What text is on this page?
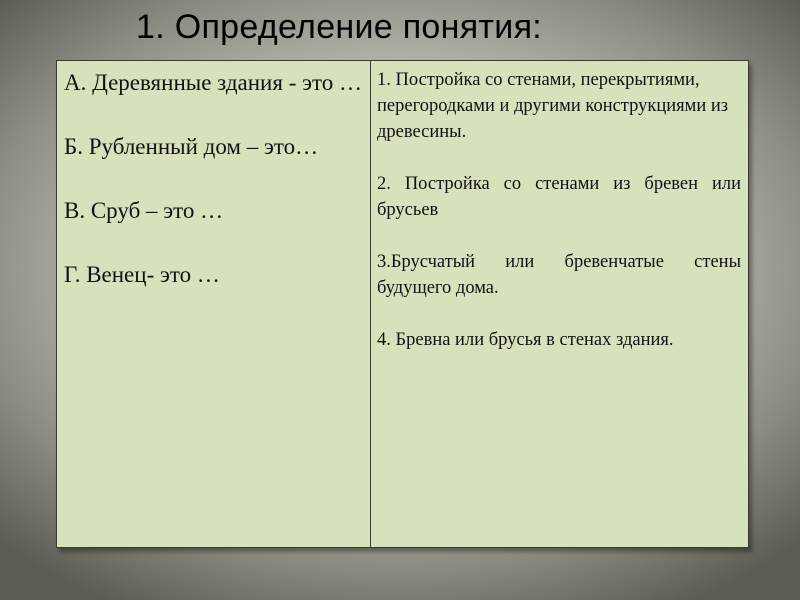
1. Определение понятия:
А. Деревянные здания - это …
Б. Рубленный дом – это…
В. Сруб – это …
Г. Венец- это …
1. Постройка со стенами, перекрытиями, перегородками и другими конструкциями из древесины.
2. Постройка со стенами из бревен или брусьев
3.Брусчатый или бревенчатые стены будущего дома.
4. Бревна или брусья в стенах здания.
